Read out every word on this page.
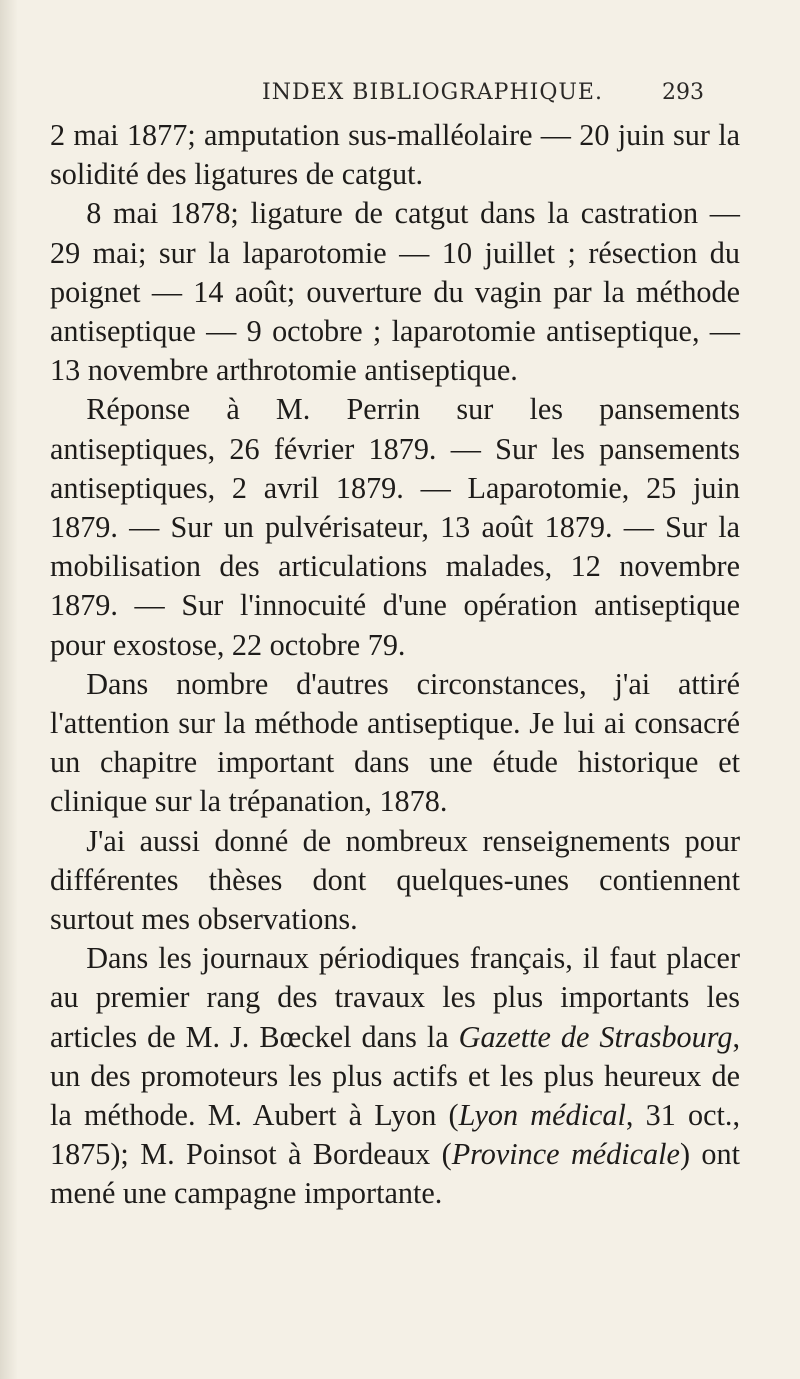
INDEX BIBLIOGRAPHIQUE.	293

2 mai 1877; amputation sus-malléolaire — 20 juin sur la solidité des ligatures de catgut.

8 mai 1878; ligature de catgut dans la castration — 29 mai; sur la laparotomie — 10 juillet ; résection du poignet — 14 août; ouverture du vagin par la méthode antiseptique — 9 octobre ; laparotomie antiseptique, — 13 novembre arthrotomie antiseptique.

Réponse à M. Perrin sur les pansements antiseptiques, 26 février 1879. — Sur les pansements antiseptiques, 2 avril 1879. — Laparotomie, 25 juin 1879. — Sur un pulvérisateur, 13 août 1879. — Sur la mobilisation des articulations malades, 12 novembre 1879. — Sur l'innocuité d'une opération antiseptique pour exostose, 22 octobre 79.

Dans nombre d'autres circonstances, j'ai attiré l'attention sur la méthode antiseptique. Je lui ai consacré un chapitre important dans une étude historique et clinique sur la trépanation, 1878.

J'ai aussi donné de nombreux renseignements pour différentes thèses dont quelques-unes contiennent surtout mes observations.

Dans les journaux périodiques français, il faut placer au premier rang des travaux les plus importants les articles de M. J. Bœckel dans la Gazette de Strasbourg, un des promoteurs les plus actifs et les plus heureux de la méthode. M. Aubert à Lyon (Lyon médical, 31 oct., 1875); M. Poinsot à Bordeaux (Province médicale) ont mené une campagne importante.
